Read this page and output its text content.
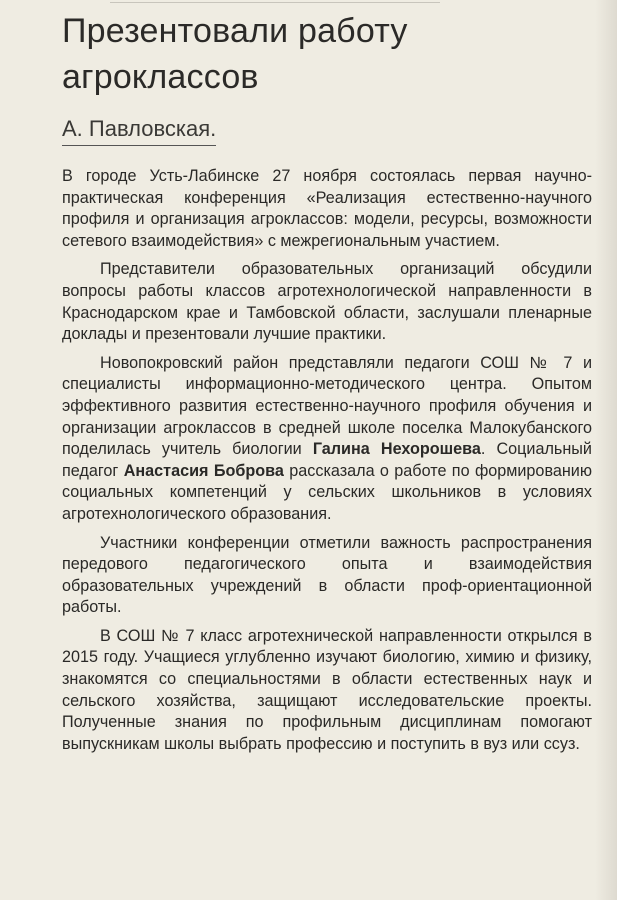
Презентовали работу агроклассов
А. Павловская.

В городе Усть-Лабинске 27 ноября состоялась первая научно-практическая конференция «Реализация естественно-научного профиля и организация агроклассов: модели, ресурсы, возможности сетевого взаимодействия» с межрегиональным участием.

Представители образовательных организаций обсудили вопросы работы классов агротехнологической направленности в Краснодарском крае и Тамбовской области, заслушали пленарные доклады и презентовали лучшие практики.

Новопокровский район представляли педагоги СОШ № 7 и специалисты информационно-методического центра. Опытом эффективного развития естественно-научного профиля обучения и организации агроклассов в средней школе поселка Малокубанского поделилась учитель биологии Галина Нехорошева. Социальный педагог Анастасия Боброва рассказала о работе по формированию социальных компетенций у сельских школьников в условиях агротехнологического образования.

Участники конференции отметили важность распространения передового педагогического опыта и взаимодействия образовательных учреждений в области проф-ориентационной работы.

В СОШ № 7 класс агротехнической направленности открылся в 2015 году. Учащиеся углубленно изучают биологию, химию и физику, знакомятся со специальностями в области естественных наук и сельского хозяйства, защищают исследовательские проекты. Полученные знания по профильным дисциплинам помогают выпускникам школы выбрать профессию и поступить в вуз или ссуз.
